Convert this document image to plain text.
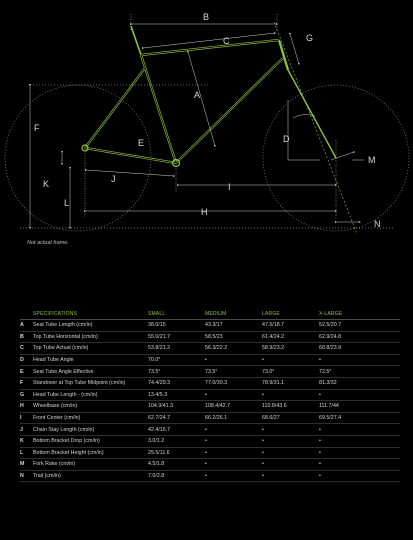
B
C	G
A
F
E	D
M
K	J
I
L
H
N
Not actual frame.
SPECIFICATIONS	SMALL	MEDIUM	LARGE	X-LARGE
A	Seat Tube Length (cm/in)	38.0/15	43.3/17	47.5/18.7	52.5/20.7
B	Top Tube Horizontal (cm/in)	55.0/21.7	58.5/23	61.4/24.2	62.9/24.8
C	Top Tube Actual (cm/in)	53.8/21.2	56.3/22.2	58.9/23.2	60.8/23.9
D	Head Tube Angle	70.0°	•	•	•
E	Seat Tube Angle Effective	73.5°	73.5°	73.0°	72.5°
F	Standover at Top Tube Midpoint (cm/in)	74.4/29.3	77.0/30.3	78.9/31.1	81.3/32
G	Head Tube Length - (cm/in)	13.4/5.3	•	•	•
H	Wheelbase (cm/in)	104.9/41.3	108.4/42.7	110.8/43.6	111.7/44
I	Front Center (cm/in)	62.7/24.7	66.2/26.1	68.6/27	69.5/27.4
J	Chain Stay Length (cm/in)	42.4/16.7	•	•	•
K	Bottom Bracket Drop (cm/in)	3.0/1.2	•	•	•
L	Bottom Bracket Height (cm/in)	29.5/11.6	•	•	•
M	Fork Rake (cm/in)	4.5/1.8	•	•	•
N	Trail (cm/in)	7.0/2.8	•	•	•
